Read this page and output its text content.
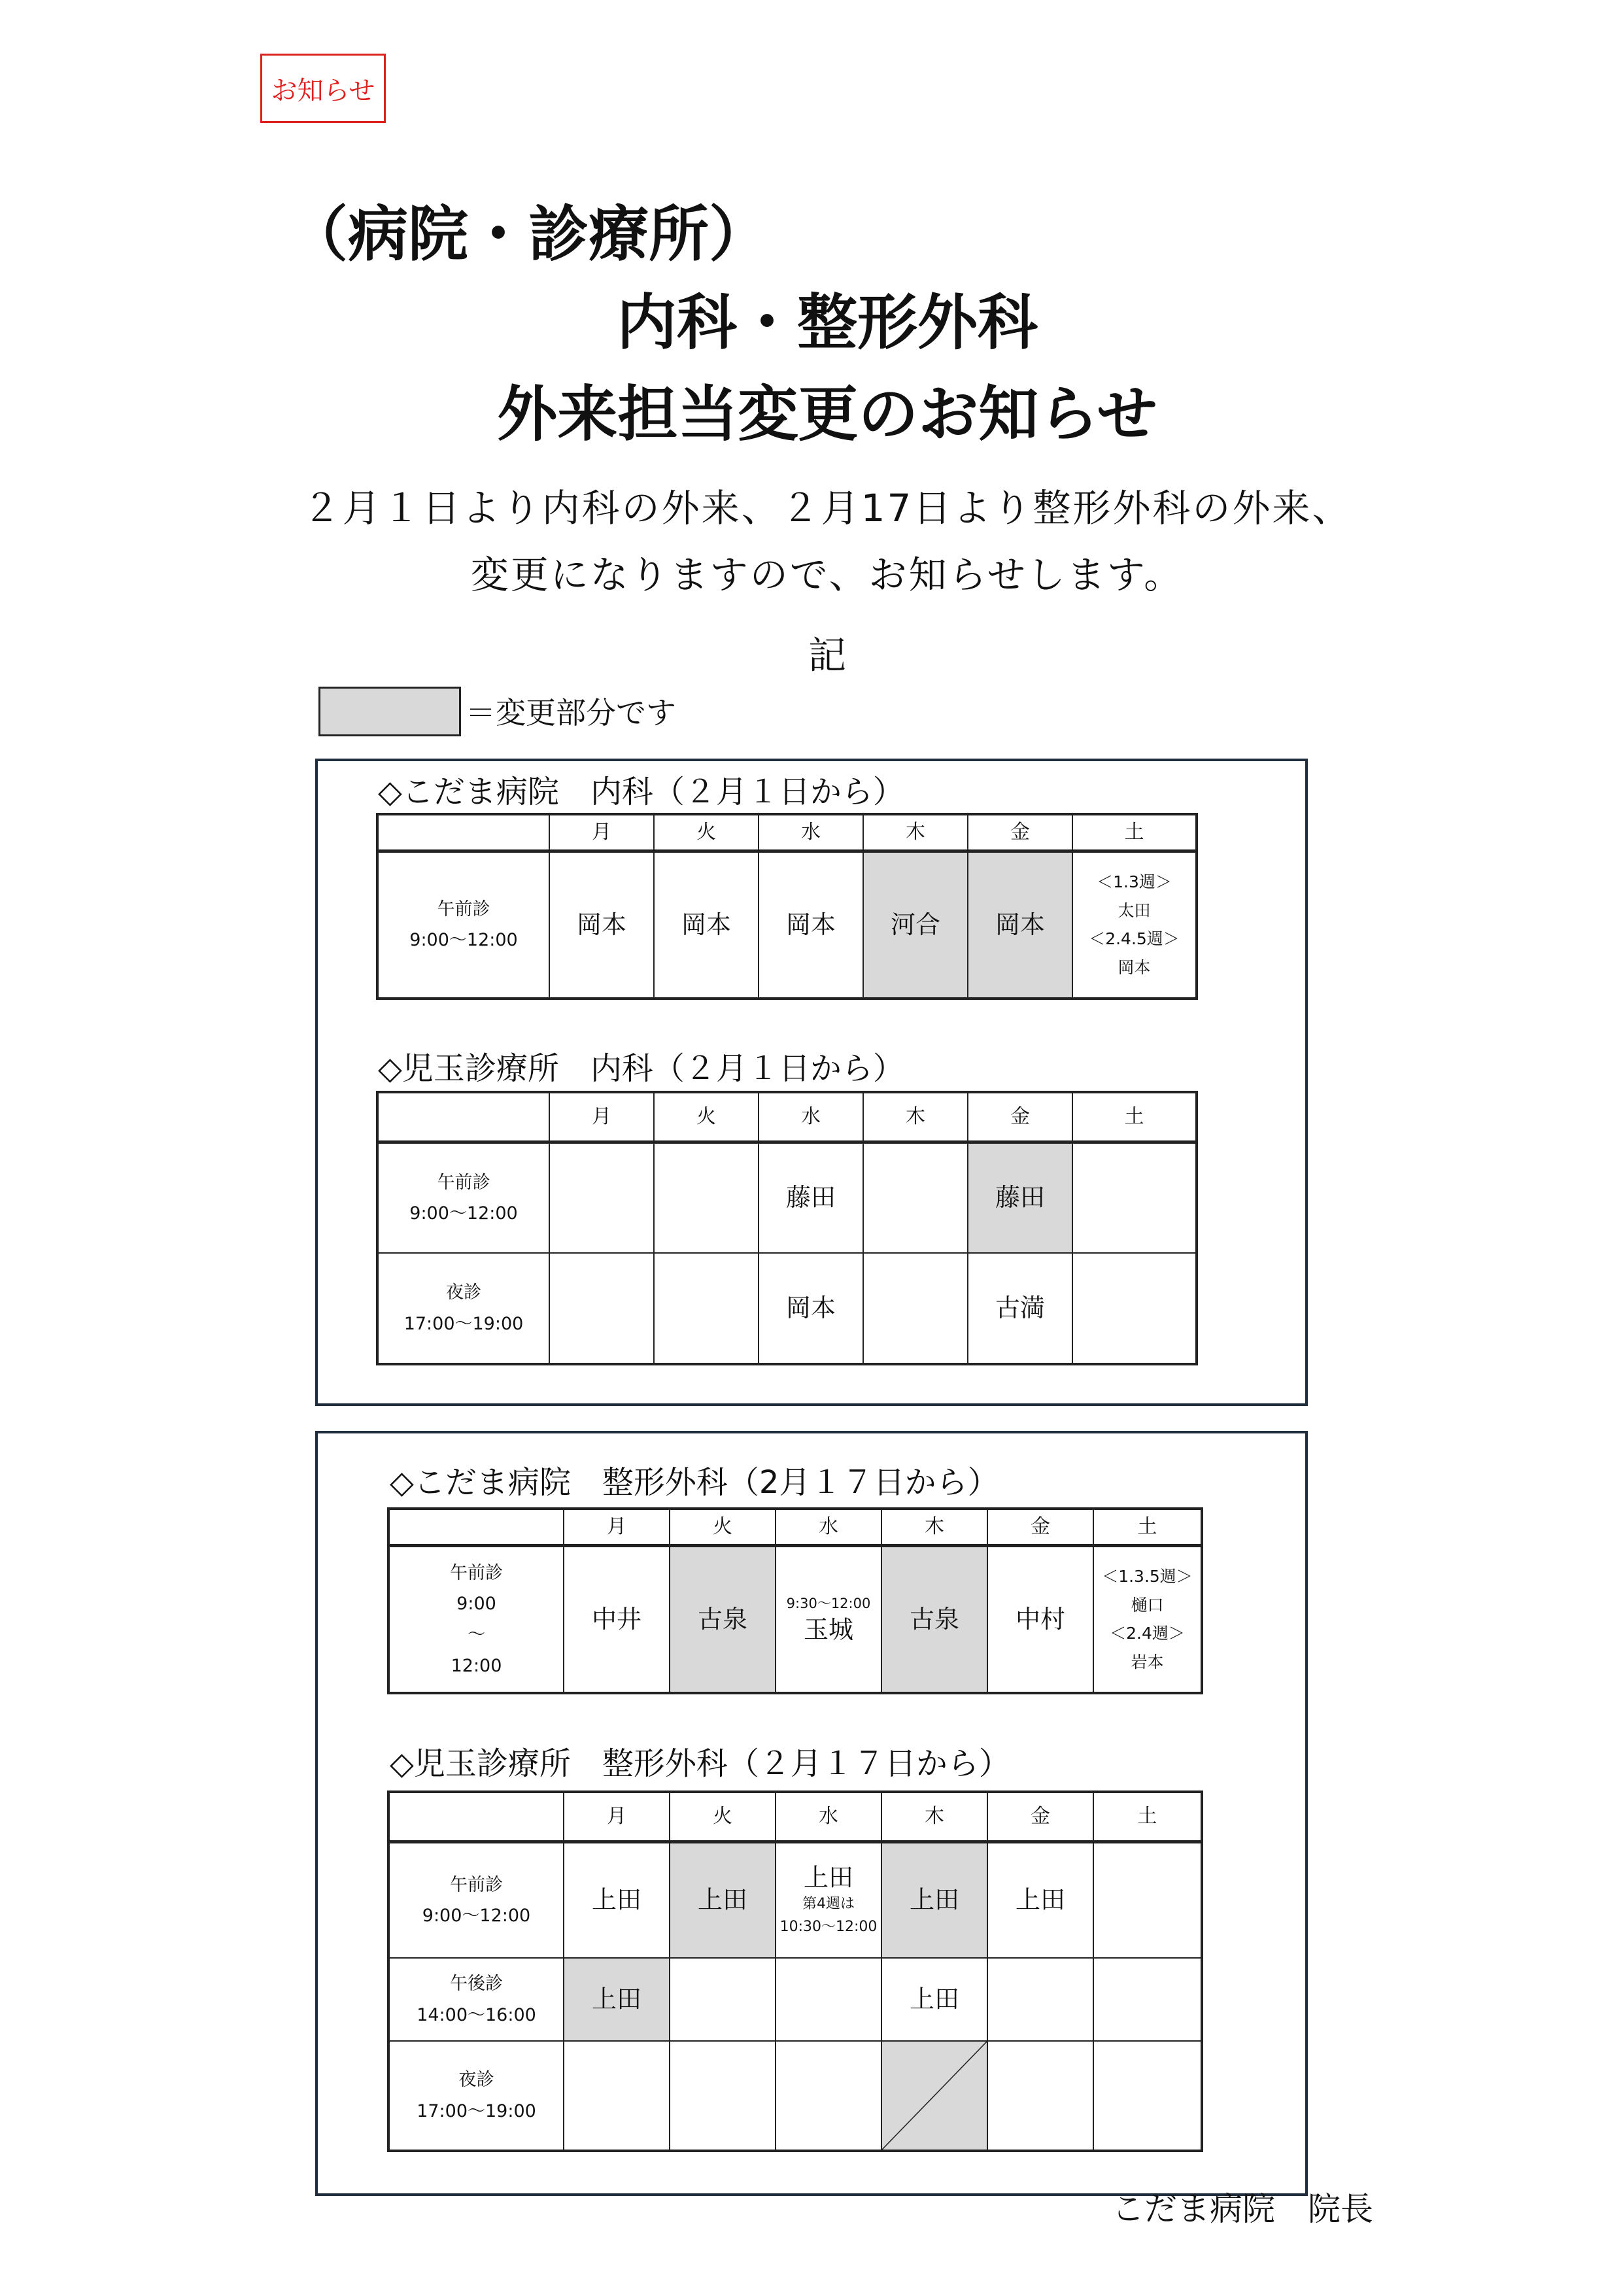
お知らせ
（病院・診療所）
内科・整形外科
外来担当変更のお知らせ
２月１日より内科の外来、２月17日より整形外科の外来、
変更になりますので、お知らせします。
記
＝変更部分です
◇こだま病院　内科（２月１日から）
	月	火	水	木	金	土
午前診
9:00～12:00	岡本	岡本	岡本	河合	岡本	＜1.3週＞
太田
＜2.4.5週＞
岡本
◇児玉診療所　内科（２月１日から）
	月	火	水	木	金	土
午前診
9:00～12:00			藤田		藤田	
夜診
17:00～19:00			岡本		古満	
◇こだま病院　整形外科（2月１７日から）
	月	火	水	木	金	土
午前診
9:00
～
12:00	中井	古泉	9:30～12:00
玉城	古泉	中村	＜1.3.5週＞
樋口
＜2.4週＞
岩本
◇児玉診療所　整形外科（２月１７日から）
	月	火	水	木	金	土
午前診
9:00～12:00	上田	上田	上田
第4週は
10:30～12:00	上田	上田	
午後診
14:00～16:00	上田			上田		
夜診
17:00～19:00				

こだま病院　院長
